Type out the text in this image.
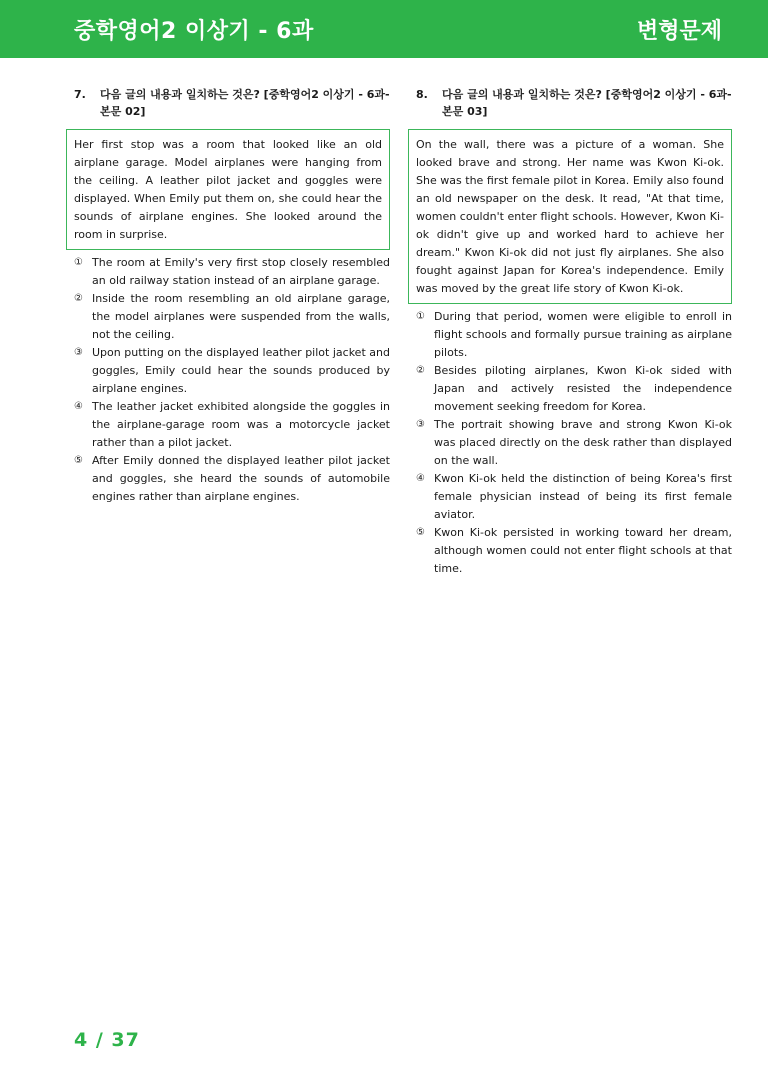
중학영어2 이상기 - 6과	변형문제
7.	다음 글의 내용과 일치하는 것은? [중학영어2 이상기 - 6과-본문 02]
Her first stop was a room that looked like an old airplane garage. Model airplanes were hanging from the ceiling. A leather pilot jacket and goggles were displayed. When Emily put them on, she could hear the sounds of airplane engines. She looked around the room in surprise.
① The room at Emily's very first stop closely resembled an old railway station instead of an airplane garage.
② Inside the room resembling an old airplane garage, the model airplanes were suspended from the walls, not the ceiling.
③ Upon putting on the displayed leather pilot jacket and goggles, Emily could hear the sounds produced by airplane engines.
④ The leather jacket exhibited alongside the goggles in the airplane-garage room was a motorcycle jacket rather than a pilot jacket.
⑤ After Emily donned the displayed leather pilot jacket and goggles, she heard the sounds of automobile engines rather than airplane engines.
8.	다음 글의 내용과 일치하는 것은? [중학영어2 이상기 - 6과-본문 03]
On the wall, there was a picture of a woman. She looked brave and strong. Her name was Kwon Ki-ok. She was the first female pilot in Korea. Emily also found an old newspaper on the desk. It read, "At that time, women couldn't enter flight schools. However, Kwon Ki-ok didn't give up and worked hard to achieve her dream." Kwon Ki-ok did not just fly airplanes. She also fought against Japan for Korea's independence. Emily was moved by the great life story of Kwon Ki-ok.
① During that period, women were eligible to enroll in flight schools and formally pursue training as airplane pilots.
② Besides piloting airplanes, Kwon Ki-ok sided with Japan and actively resisted the independence movement seeking freedom for Korea.
③ The portrait showing brave and strong Kwon Ki-ok was placed directly on the desk rather than displayed on the wall.
④ Kwon Ki-ok held the distinction of being Korea's first female physician instead of being its first female aviator.
⑤ Kwon Ki-ok persisted in working toward her dream, although women could not enter flight schools at that time.
4 / 37
